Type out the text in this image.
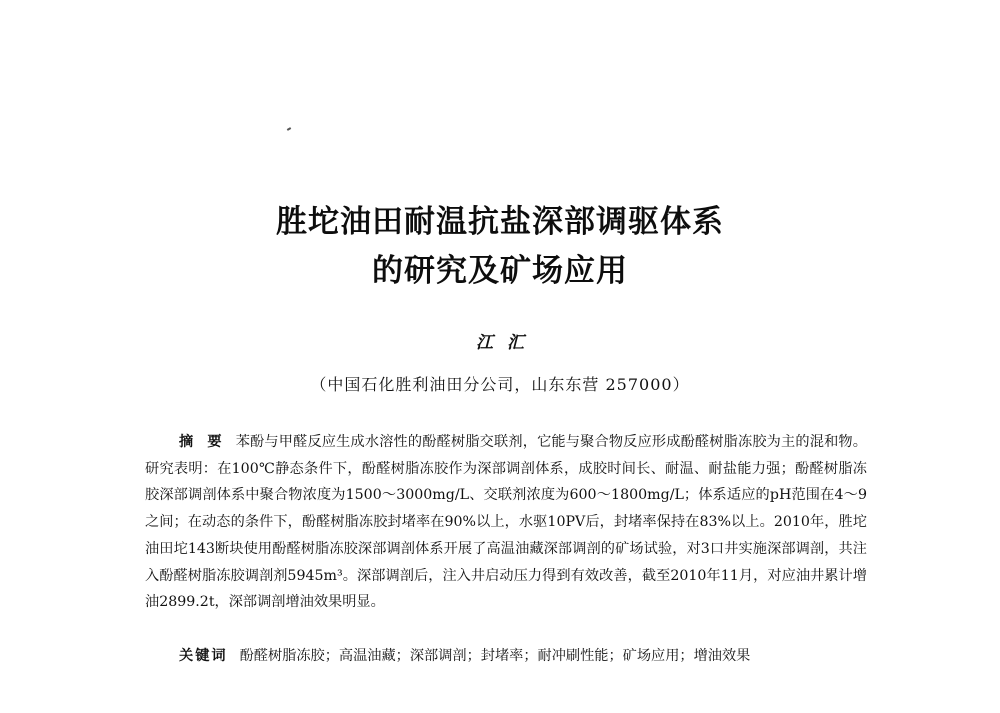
胜坨油田耐温抗盐深部调驱体系
的研究及矿场应用
江汇
（中国石化胜利油田分公司，山东东营 257000）

摘要苯酚与甲醛反应生成水溶性的酚醛树脂交联剂，它能与聚合物反应形成酚醛树脂冻胶为主的混和物。研究表明：在100℃静态条件下，酚醛树脂冻胶作为深部调剖体系，成胶时间长、耐温、耐盐能力强；酚醛树脂冻胶深部调剖体系中聚合物浓度为1500～3000mg/L、交联剂浓度为600～1800mg/L；体系适应的pH范围在4～9之间；在动态的条件下，酚醛树脂冻胶封堵率在90%以上，水驱10PV后，封堵率保持在83%以上。2010年，胜坨油田坨143断块使用酚醛树脂冻胶深部调剖体系开展了高温油藏深部调剖的矿场试验，对3口井实施深部调剖，共注入酚醛树脂冻胶调剖剂5945m³。深部调剖后，注入井启动压力得到有效改善，截至2010年11月，对应油井累计增油2899.2t，深部调剖增油效果明显。

关键词 酚醛树脂冻胶；高温油藏；深部调剖；封堵率；耐冲刷性能；矿场应用；增油效果
